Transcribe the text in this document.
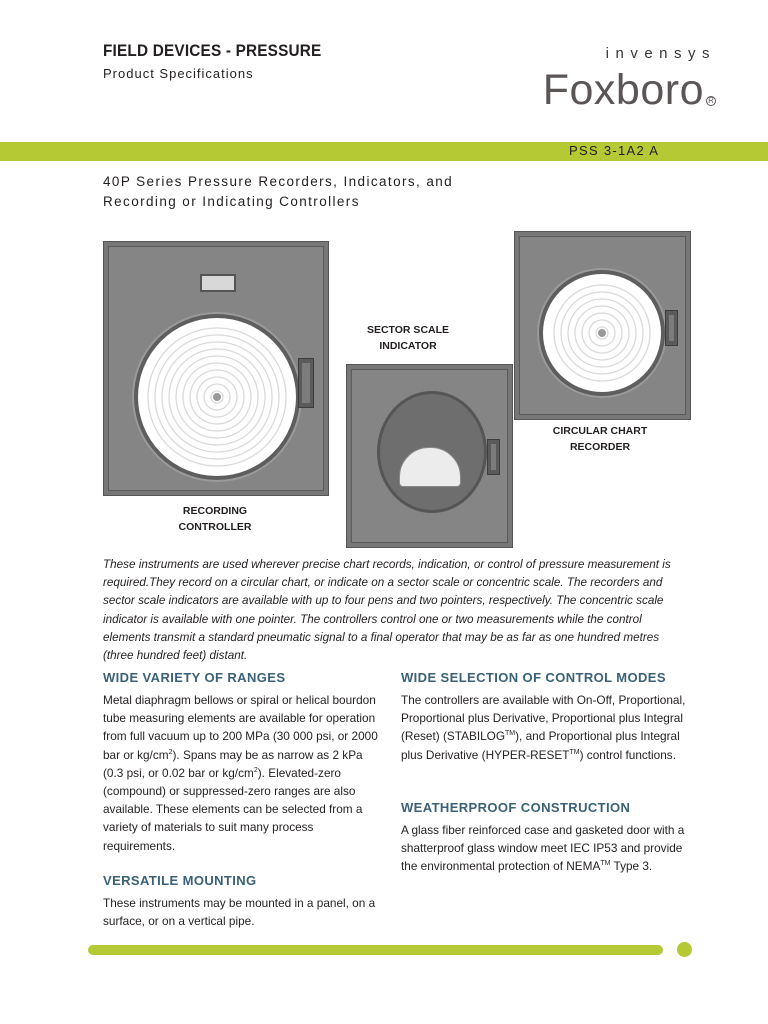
FIELD DEVICES - PRESSURE
Product Specifications
invensys
Foxboro R
PSS 3-1A2 A
40P Series Pressure Recorders, Indicators, and Recording or Indicating Controllers
RECORDING
CONTROLLER
SECTOR SCALE
INDICATOR
CIRCULAR CHART
RECORDER
These instruments are used wherever precise chart records, indication, or control of pressure measurement is required.They record on a circular chart, or indicate on a sector scale or concentric scale. The recorders and sector scale indicators are available with up to four pens and two pointers, respectively. The concentric scale indicator is available with one pointer. The controllers control one or two measurements while the control elements transmit a standard pneumatic signal to a final operator that may be as far as one hundred metres (three hundred feet) distant.
WIDE VARIETY OF RANGES
Metal diaphragm bellows or spiral or helical bourdon tube measuring elements are available for operation from full vacuum up to 200 MPa (30 000 psi, or 2000 bar or $kg/cm^2$). Spans may be as narrow as 2 kPa (0.3 psi, or 0.02 bar or $kg/cm^2$). Elevated-zero (compound) or suppressed-zero ranges are also available. These elements can be selected from a variety of materials to suit many process requirements.
VERSATILE MOUNTING
These instruments may be mounted in a panel, on a surface, or on a vertical pipe.
WIDE SELECTION OF CONTROL MODES
The controllers are available with On-Off, Proportional, Proportional plus Derivative, Proportional plus Integral (Reset) (STABILOG™), and Proportional plus Integral plus Derivative (HYPER-RESET™) control functions.
WEATHERPROOF CONSTRUCTION
A glass fiber reinforced case and gasketed door with a shatterproof glass window meet IEC IP53 and provide the environmental protection of NEMA™ Type 3.
